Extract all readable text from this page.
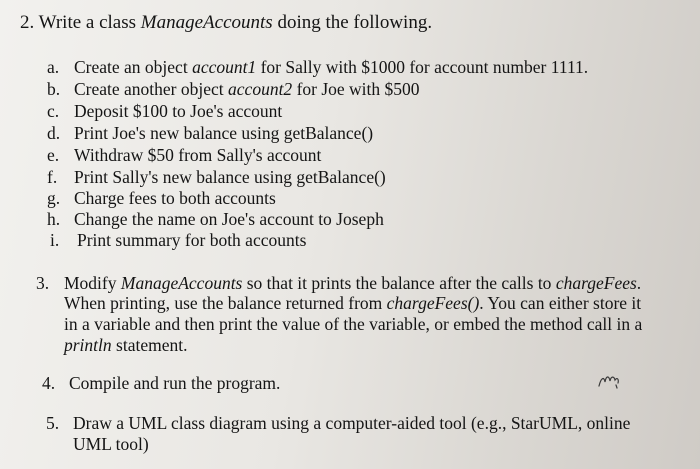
2. Write a class ManageAccounts doing the following.
a. Create an object account1 for Sally with $1000 for account number 1111.
b. Create another object account2 for Joe with $500
c. Deposit $100 to Joe's account
d. Print Joe's new balance using getBalance()
e. Withdraw $50 from Sally's account
f. Print Sally's new balance using getBalance()
g. Charge fees to both accounts
h. Change the name on Joe's account to Joseph
i. Print summary for both accounts
3. Modify ManageAccounts so that it prints the balance after the calls to chargeFees.
When printing, use the balance returned from chargeFees(). You can either store it
in a variable and then print the value of the variable, or embed the method call in a
println statement.
4. Compile and run the program.
5. Draw a UML class diagram using a computer-aided tool (e.g., StarUML, online
UML tool)
